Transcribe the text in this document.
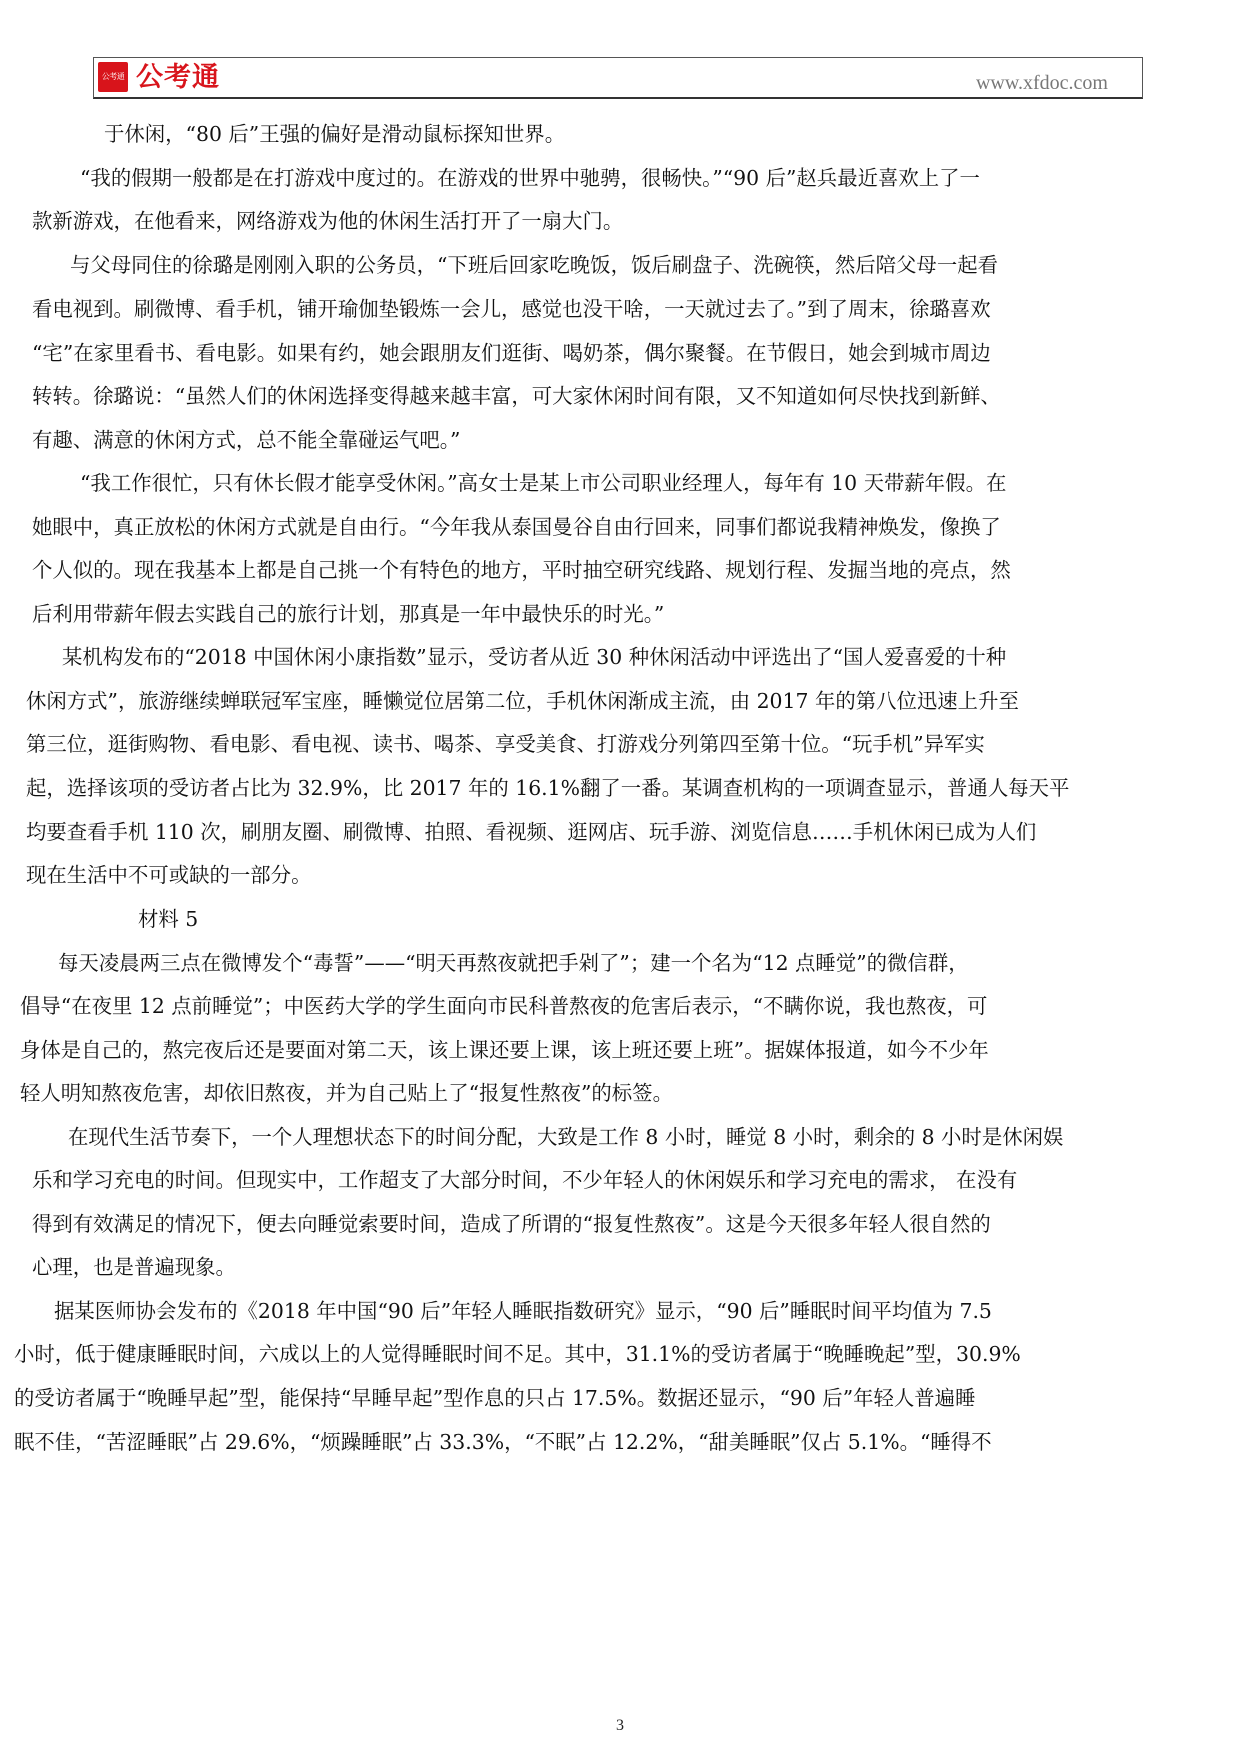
公考通 公考通	www.xfdoc.com
于休闲，“80 后”王强的偏好是滑动鼠标探知世界。
“我的假期一般都是在打游戏中度过的。在游戏的世界中驰骋，很畅快。”“90 后”赵兵最近喜欢上了一
款新游戏，在他看来，网络游戏为他的休闲生活打开了一扇大门。
与父母同住的徐璐是刚刚入职的公务员，“下班后回家吃晚饭，饭后刷盘子、洗碗筷，然后陪父母一起看
看电视到。刷微博、看手机，铺开瑜伽垫锻炼一会儿，感觉也没干啥，一天就过去了。”到了周末，徐璐喜欢
“宅”在家里看书、看电影。如果有约，她会跟朋友们逛街、喝奶茶，偶尔聚餐。在节假日，她会到城市周边
转转。徐璐说：“虽然人们的休闲选择变得越来越丰富，可大家休闲时间有限，又不知道如何尽快找到新鲜、
有趣、满意的休闲方式，总不能全靠碰运气吧。”
“我工作很忙，只有休长假才能享受休闲。”高女士是某上市公司职业经理人，每年有 10 天带薪年假。在
她眼中，真正放松的休闲方式就是自由行。“今年我从泰国曼谷自由行回来，同事们都说我精神焕发，像换了
个人似的。现在我基本上都是自己挑一个有特色的地方，平时抽空研究线路、规划行程、发掘当地的亮点，然
后利用带薪年假去实践自己的旅行计划，那真是一年中最快乐的时光。”
某机构发布的“2018 中国休闲小康指数”显示，受访者从近 30 种休闲活动中评选出了“国人爱喜爱的十种
休闲方式”，旅游继续蝉联冠军宝座，睡懒觉位居第二位，手机休闲渐成主流，由 2017 年的第八位迅速上升至
第三位，逛街购物、看电影、看电视、读书、喝茶、享受美食、打游戏分列第四至第十位。“玩手机”异军实
起，选择该项的受访者占比为 32.9%，比 2017 年的 16.1%翻了一番。某调查机构的一项调查显示，普通人每天平
均要查看手机 110 次，刷朋友圈、刷微博、拍照、看视频、逛网店、玩手游、浏览信息……手机休闲已成为人们
现在生活中不可或缺的一部分。
材料 5
每天凌晨两三点在微博发个“毒誓”——“明天再熬夜就把手剁了”；建一个名为“12 点睡觉”的微信群，
倡导“在夜里 12 点前睡觉”；中医药大学的学生面向市民科普熬夜的危害后表示，“不瞒你说，我也熬夜，可
身体是自己的，熬完夜后还是要面对第二天，该上课还要上课，该上班还要上班”。据媒体报道，如今不少年
轻人明知熬夜危害，却依旧熬夜，并为自己贴上了“报复性熬夜”的标签。
在现代生活节奏下，一个人理想状态下的时间分配，大致是工作 8 小时，睡觉 8 小时，剩余的 8 小时是休闲娱
乐和学习充电的时间。但现实中，工作超支了大部分时间，不少年轻人的休闲娱乐和学习充电的需求， 在没有
得到有效满足的情况下，便去向睡觉索要时间，造成了所谓的“报复性熬夜”。这是今天很多年轻人很自然的
心理，也是普遍现象。
据某医师协会发布的《2018 年中国“90 后”年轻人睡眠指数研究》显示，“90 后”睡眠时间平均值为 7.5
小时，低于健康睡眠时间，六成以上的人觉得睡眠时间不足。其中，31.1%的受访者属于“晚睡晚起”型，30.9%
的受访者属于“晚睡早起”型，能保持“早睡早起”型作息的只占 17.5%。数据还显示，“90 后”年轻人普遍睡
眠不佳，“苦涩睡眠”占 29.6%，“烦躁睡眠”占 33.3%，“不眠”占 12.2%，“甜美睡眠”仅占 5.1%。“睡得不
3
